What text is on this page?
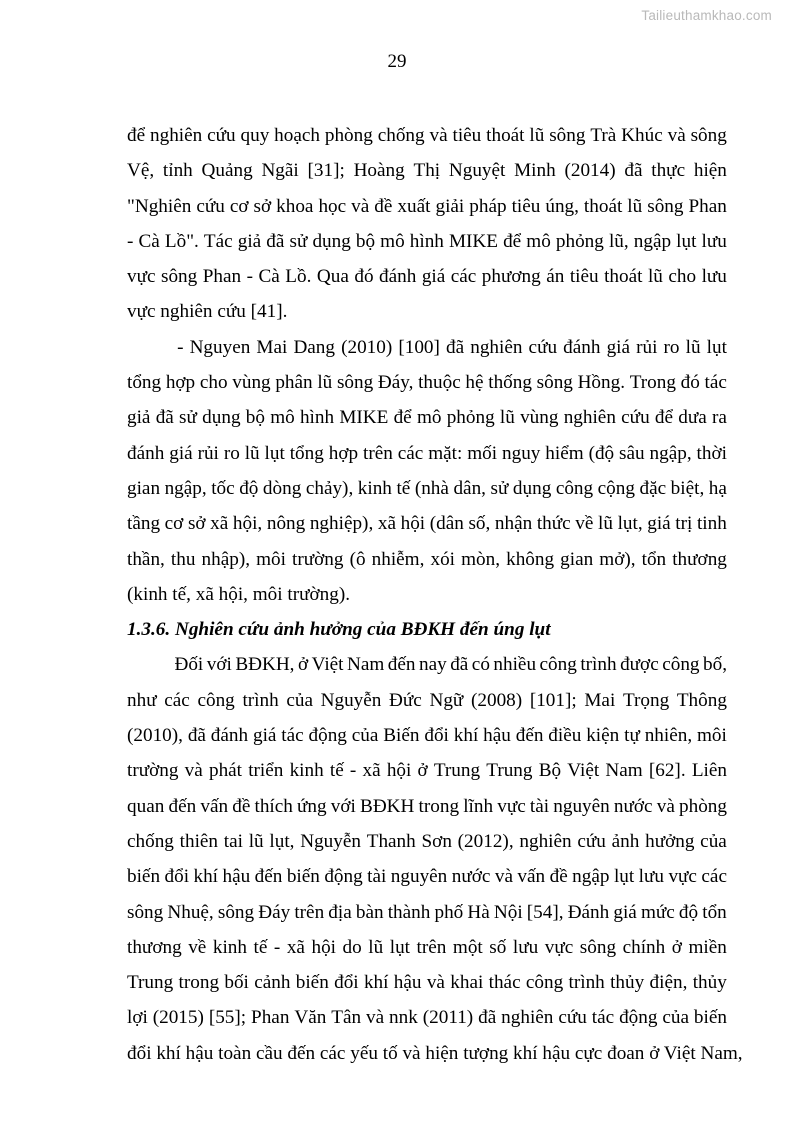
Tailieuthamkhao.com
29

để nghiên cứu quy hoạch phòng chống và tiêu thoát lũ sông Trà Khúc và sông
Vệ, tỉnh Quảng Ngãi [31]; Hoàng Thị Nguyệt Minh (2014) đã thực hiện
"Nghiên cứu cơ sở khoa học và đề xuất giải pháp tiêu úng, thoát lũ sông Phan
- Cà Lồ". Tác giả đã sử dụng bộ mô hình MIKE để mô phỏng lũ, ngập lụt lưu
vực sông Phan - Cà Lồ. Qua đó đánh giá các phương án tiêu thoát lũ cho lưu
vực nghiên cứu [41].

- Nguyen Mai Dang (2010) [100] đã nghiên cứu đánh giá rủi ro lũ lụt
tổng hợp cho vùng phân lũ sông Đáy, thuộc hệ thống sông Hồng. Trong đó tác
giả đã sử dụng bộ mô hình MIKE để mô phỏng lũ vùng nghiên cứu để dưa ra
đánh giá rủi ro lũ lụt tổng hợp trên các mặt: mối nguy hiểm (độ sâu ngập, thời
gian ngập, tốc độ dòng chảy), kinh tế (nhà dân, sử dụng công cộng đặc biệt, hạ
tầng cơ sở xã hội, nông nghiệp), xã hội (dân số, nhận thức về lũ lụt, giá trị tinh
thần, thu nhập), môi trường (ô nhiễm, xói mòn, không gian mở), tổn thương
(kinh tế, xã hội, môi trường).

1.3.6. Nghiên cứu ảnh hưởng của BĐKH đến úng lụt

Đối với BĐKH, ở Việt Nam đến nay đã có nhiều công trình được công bố,
như các công trình của Nguyễn Đức Ngữ (2008) [101]; Mai Trọng Thông
(2010), đã đánh giá tác động của Biến đổi khí hậu đến điều kiện tự nhiên, môi
trường và phát triển kinh tế - xã hội ở Trung Trung Bộ Việt Nam [62]. Liên
quan đến vấn đề thích ứng với BĐKH trong lĩnh vực tài nguyên nước và phòng
chống thiên tai lũ lụt, Nguyễn Thanh Sơn (2012), nghiên cứu ảnh hưởng của
biến đổi khí hậu đến biến động tài nguyên nước và vấn đề ngập lụt lưu vực các
sông Nhuệ, sông Đáy trên địa bàn thành phố Hà Nội [54], Đánh giá mức độ tổn
thương về kinh tế - xã hội do lũ lụt trên một số lưu vực sông chính ở miền
Trung trong bối cảnh biến đổi khí hậu và khai thác công trình thủy điện, thủy
lợi (2015) [55]; Phan Văn Tân và nnk (2011) đã nghiên cứu tác động của biến
đổi khí hậu toàn cầu đến các yếu tố và hiện tượng khí hậu cực đoan ở Việt Nam,
